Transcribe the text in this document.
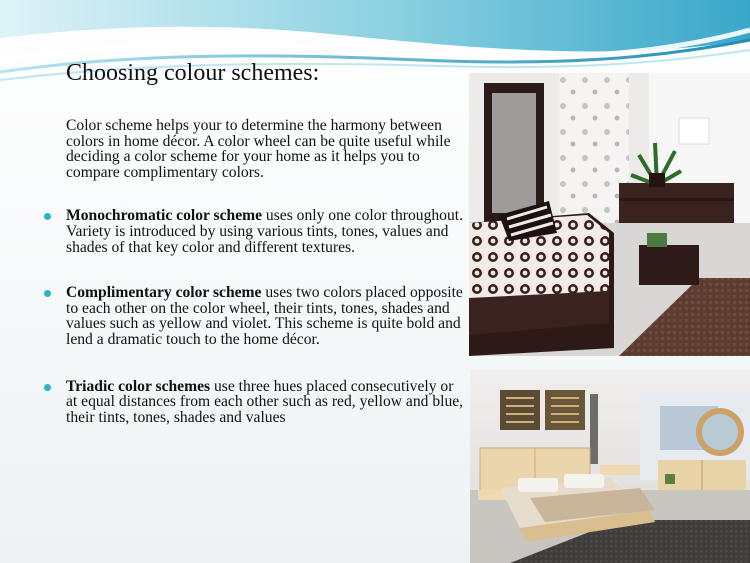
Choosing colour schemes:

Color scheme helps your to determine the harmony between colors in home décor. A color wheel can be quite useful while deciding a color scheme for your home as it helps you to compare complimentary colors.

Monochromatic color scheme uses only one color throughout. Variety is introduced by using various tints, tones, values and shades of that key color and different textures.
Complimentary color scheme uses two colors placed opposite to each other on the color wheel, their tints, tones, shades and values such as yellow and violet. This scheme is quite bold and lend a dramatic touch to the home décor.
Triadic color schemes use three hues placed consecutively or at equal distances from each other such as red, yellow and blue, their tints, tones, shades and values
